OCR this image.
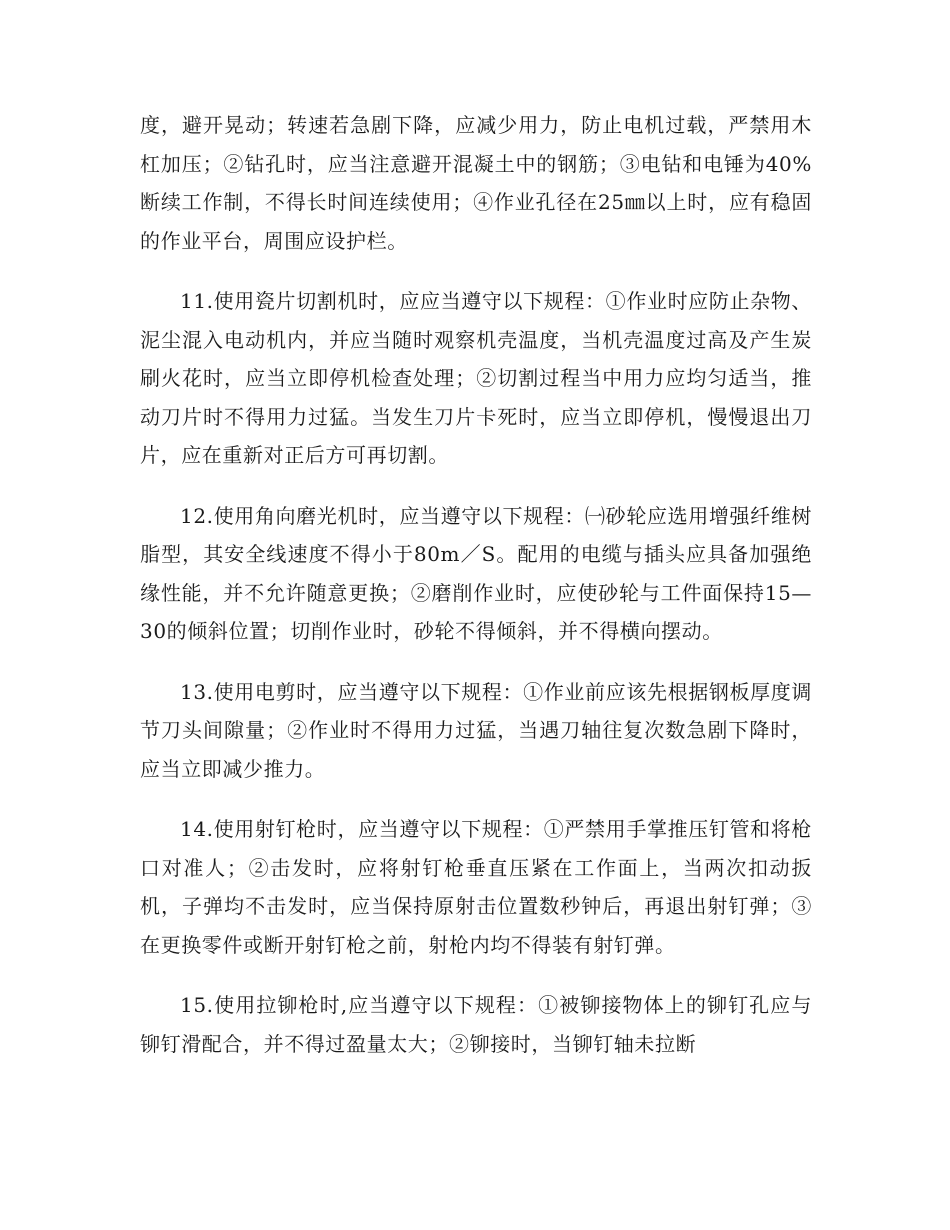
度，避开晃动；转速若急剧下降，应减少用力，防止电机过载，严禁用木杠加压；②钻孔时，应当注意避开混凝土中的钢筋；③电钻和电锤为40%断续工作制，不得长时间连续使用；④作业孔径在25㎜以上时，应有稳固的作业平台，周围应设护栏。

11.使用瓷片切割机时，应应当遵守以下规程：①作业时应防止杂物、泥尘混入电动机内，并应当随时观察机壳温度，当机壳温度过高及产生炭刷火花时，应当立即停机检查处理；②切割过程当中用力应均匀适当，推动刀片时不得用力过猛。当发生刀片卡死时，应当立即停机，慢慢退出刀片，应在重新对正后方可再切割。

12.使用角向磨光机时，应当遵守以下规程：㈠砂轮应选用增强纤维树脂型，其安全线速度不得小于80m／S。配用的电缆与插头应具备加强绝缘性能，并不允许随意更换；②磨削作业时，应使砂轮与工件面保持15—30的倾斜位置；切削作业时，砂轮不得倾斜，并不得横向摆动。

13.使用电剪时，应当遵守以下规程：①作业前应该先根据钢板厚度调节刀头间隙量；②作业时不得用力过猛，当遇刀轴往复次数急剧下降时，应当立即减少推力。

14.使用射钉枪时，应当遵守以下规程：①严禁用手掌推压钉管和将枪口对准人；②击发时，应将射钉枪垂直压紧在工作面上，当两次扣动扳机，子弹均不击发时，应当保持原射击位置数秒钟后，再退出射钉弹；③在更换零件或断开射钉枪之前，射枪内均不得装有射钉弹。

15.使用拉铆枪时,应当遵守以下规程：①被铆接物体上的铆钉孔应与铆钉滑配合，并不得过盈量太大；②铆接时，当铆钉轴未拉断
